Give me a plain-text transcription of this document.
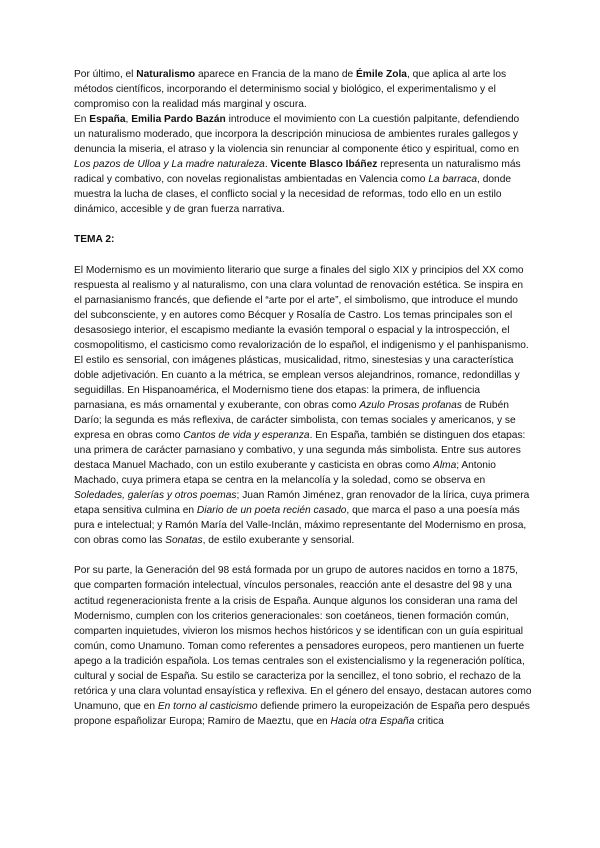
Por último, el Naturalismo aparece en Francia de la mano de Émile Zola, que aplica al arte los métodos científicos, incorporando el determinismo social y biológico, el experimentalismo y el compromiso con la realidad más marginal y oscura.

En España, Emilia Pardo Bazán introduce el movimiento con La cuestión palpitante, defendiendo un naturalismo moderado, que incorpora la descripción minuciosa de ambientes rurales gallegos y denuncia la miseria, el atraso y la violencia sin renunciar al componente ético y espiritual, como en Los pazos de Ulloa y La madre naturaleza. Vicente Blasco Ibáñez representa un naturalismo más radical y combativo, con novelas regionalistas ambientadas en Valencia como La barraca, donde muestra la lucha de clases, el conflicto social y la necesidad de reformas, todo ello en un estilo dinámico, accesible y de gran fuerza narrativa.

TEMA 2:

El Modernismo es un movimiento literario que surge a finales del siglo XIX y principios del XX como respuesta al realismo y al naturalismo, con una clara voluntad de renovación estética. Se inspira en el parnasianismo francés, que defiende el “arte por el arte”, el simbolismo, que introduce el mundo del subconsciente, y en autores como Bécquer y Rosalía de Castro. Los temas principales son el desasosiego interior, el escapismo mediante la evasión temporal o espacial y la introspección, el cosmopolitismo, el casticismo como revalorización de lo español, el indigenismo y el panhispanismo. El estilo es sensorial, con imágenes plásticas, musicalidad, ritmo, sinestesias y una característica doble adjetivación. En cuanto a la métrica, se emplean versos alejandrinos, romance, redondillas y seguidillas. En Hispanoamérica, el Modernismo tiene dos etapas: la primera, de influencia parnasiana, es más ornamental y exuberante, con obras como Azulo Prosas profanas de Rubén Darío; la segunda es más reflexiva, de carácter simbolista, con temas sociales y americanos, y se expresa en obras como Cantos de vida y esperanza. En España, también se distinguen dos etapas: una primera de carácter parnasiano y combativo, y una segunda más simbolista. Entre sus autores destaca Manuel Machado, con un estilo exuberante y casticista en obras como Alma; Antonio Machado, cuya primera etapa se centra en la melancolía y la soledad, como se observa en Soledades, galerías y otros poemas; Juan Ramón Jiménez, gran renovador de la lírica, cuya primera etapa sensitiva culmina en Diario de un poeta recién casado, que marca el paso a una poesía más pura e intelectual; y Ramón María del Valle-Inclán, máximo representante del Modernismo en prosa, con obras como las Sonatas, de estilo exuberante y sensorial.

Por su parte, la Generación del 98 está formada por un grupo de autores nacidos en torno a 1875, que comparten formación intelectual, vínculos personales, reacción ante el desastre del 98 y una actitud regeneracionista frente a la crisis de España. Aunque algunos los consideran una rama del Modernismo, cumplen con los criterios generacionales: son coetáneos, tienen formación común, comparten inquietudes, vivieron los mismos hechos históricos y se identifican con un guía espiritual común, como Unamuno. Toman como referentes a pensadores europeos, pero mantienen un fuerte apego a la tradición española. Los temas centrales son el existencialismo y la regeneración política, cultural y social de España. Su estilo se caracteriza por la sencillez, el tono sobrio, el rechazo de la retórica y una clara voluntad ensayística y reflexiva. En el género del ensayo, destacan autores como Unamuno, que en En torno al casticismo defiende primero la europeización de España pero después propone españolizar Europa; Ramiro de Maeztu, que en Hacia otra España critica
